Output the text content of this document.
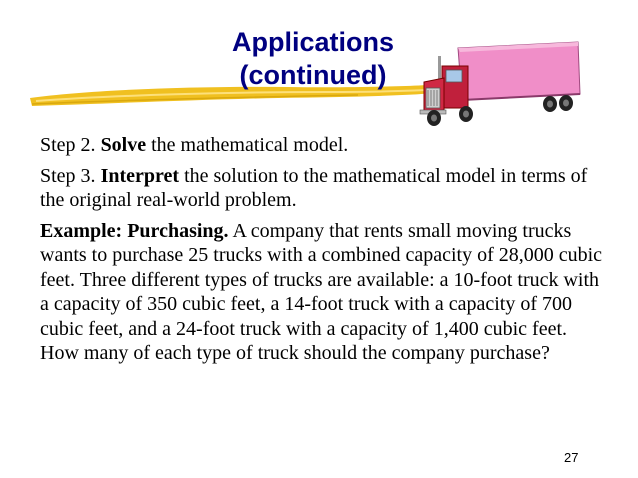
Applications
(continued)

Step 2. Solve the mathematical model.

Step 3. Interpret the solution to the mathematical model in terms of the original real-world problem.

Example: Purchasing. A company that rents small moving trucks wants to purchase 25 trucks with a combined capacity of 28,000 cubic feet. Three different types of trucks are available: a 10-foot truck with a capacity of 350 cubic feet, a 14-foot truck with a capacity of 700 cubic feet, and a 24-foot truck with a capacity of 1,400 cubic feet. How many of each type of truck should the company purchase?

27
